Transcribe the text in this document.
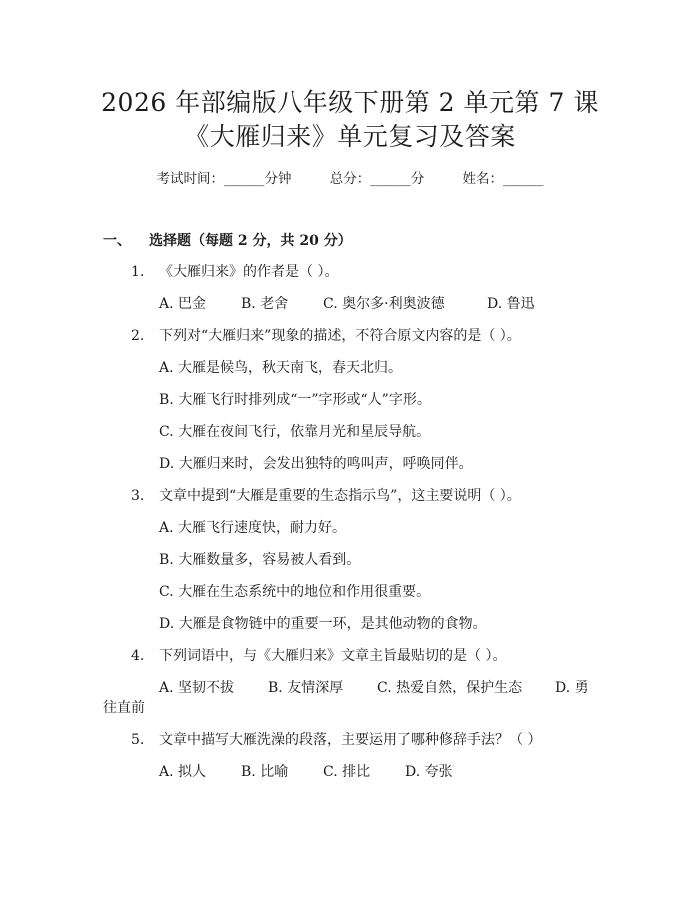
2026 年部编版八年级下册第 2 单元第 7 课
《大雁归来》单元复习及答案
考试时间：______分钟	总分：______分	姓名：______
一、 选择题（每题 2 分，共 20 分）
1. 《大雁归来》的作者是（ ）。
A. 巴金 B. 老舍 C. 奥尔多·利奥波德	D. 鲁迅
2. 下列对“大雁归来”现象的描述，不符合原文内容的是（ ）。
A. 大雁是候鸟，秋天南飞，春天北归。
B. 大雁飞行时排列成“一”字形或“人”字形。
C. 大雁在夜间飞行，依靠月光和星辰导航。
D. 大雁归来时，会发出独特的鸣叫声，呼唤同伴。
3. 文章中提到“大雁是重要的生态指示鸟”，这主要说明（ ）。
A. 大雁飞行速度快，耐力好。
B. 大雁数量多，容易被人看到。
C. 大雁在生态系统中的地位和作用很重要。
D. 大雁是食物链中的重要一环，是其他动物的食物。
4. 下列词语中，与《大雁归来》文章主旨最贴切的是（ ）。
A. 坚韧不拔 B. 友情深厚 C. 热爱自然，保护生态 D. 勇
往直前
5. 文章中描写大雁洗澡的段落，主要运用了哪种修辞手法？（ ）
A. 拟人 B. 比喻 C. 排比 D. 夸张
